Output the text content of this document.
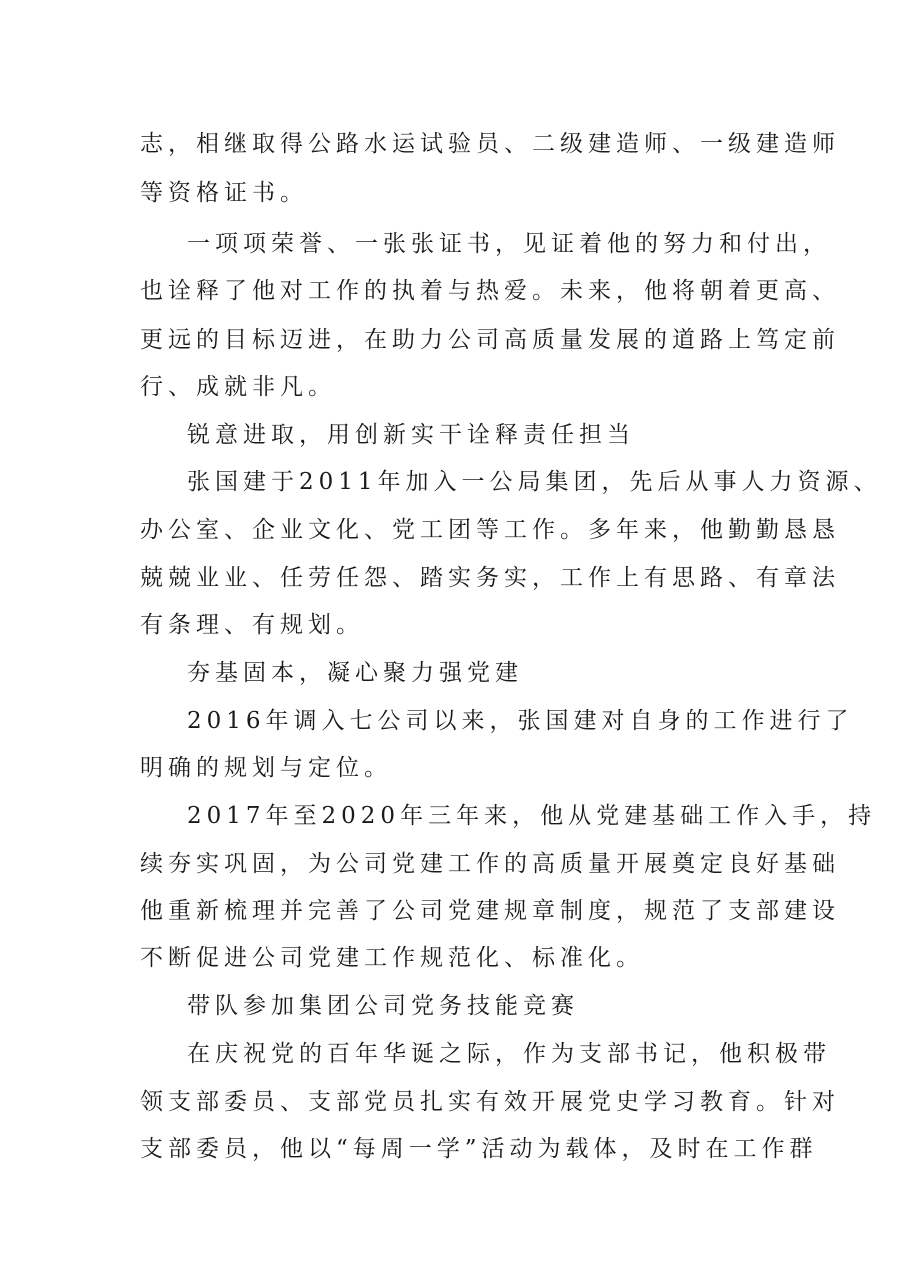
志，相继取得公路水运试验员、二级建造师、一级建造师
等资格证书。
一项项荣誉、一张张证书，见证着他的努力和付出，
也诠释了他对工作的执着与热爱。未来，他将朝着更高、
更远的目标迈进，在助力公司高质量发展的道路上笃定前
行、成就非凡。
锐意进取，用创新实干诠释责任担当
张国建于2011年加入一公局集团，先后从事人力资源、
办公室、企业文化、党工团等工作。多年来，他勤勤恳恳
兢兢业业、任劳任怨、踏实务实，工作上有思路、有章法
有条理、有规划。
夯基固本，凝心聚力强党建
2016年调入七公司以来，张国建对自身的工作进行了
明确的规划与定位。
2017年至2020年三年来，他从党建基础工作入手，持
续夯实巩固，为公司党建工作的高质量开展奠定良好基础
他重新梳理并完善了公司党建规章制度，规范了支部建设
不断促进公司党建工作规范化、标准化。
带队参加集团公司党务技能竞赛
在庆祝党的百年华诞之际，作为支部书记，他积极带
领支部委员、支部党员扎实有效开展党史学习教育。针对
支部委员，他以“每周一学”活动为载体，及时在工作群
